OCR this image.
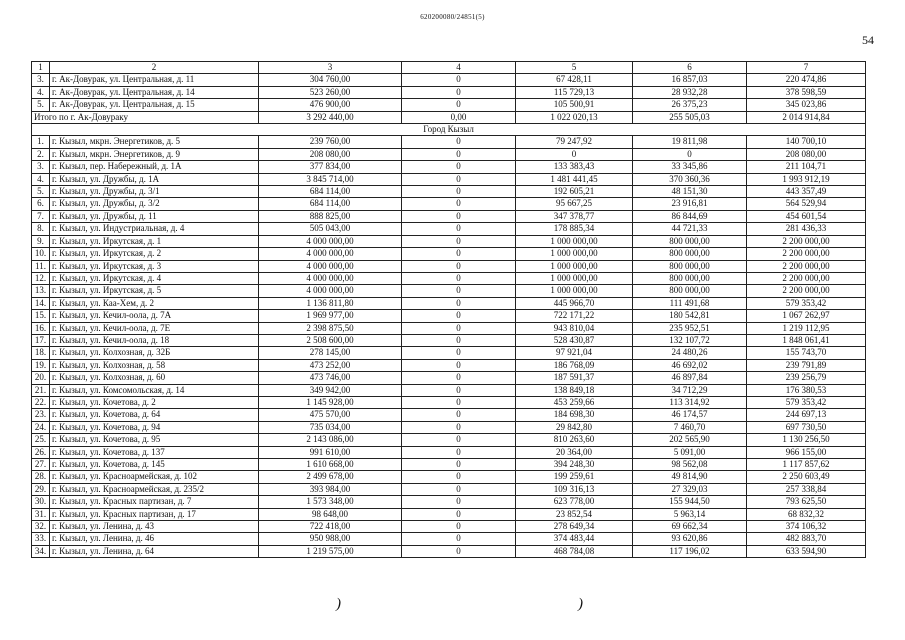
620200080/24851(5)
54
1	2	3	4	5	6	7
3.	г. Ак-Довурак, ул. Центральная, д. 11	304 760,00	0	67 428,11	16 857,03	220 474,86
4.	г. Ак-Довурак, ул. Центральная, д. 14	523 260,00	0	115 729,13	28 932,28	378 598,59
5.	г. Ак-Довурак, ул. Центральная, д. 15	476 900,00	0	105 500,91	26 375,23	345 023,86
Итого по г. Ак-Довураку		3 292 440,00	0,00	1 022 020,13	255 505,03	2 014 914,84
Город Кызыл						
1.	г. Кызыл, мкрн. Энергетиков, д. 5	239 760,00	0	79 247,92	19 811,98	140 700,10
2.	г. Кызыл, мкрн. Энергетиков, д. 9	208 080,00	0	0	0	208 080,00
3.	г. Кызыл, пер. Набережный, д. 1А	377 834,00	0	133 383,43	33 345,86	211 104,71
4.	г. Кызыл, ул. Дружбы, д. 1А	3 845 714,00	0	1 481 441,45	370 360,36	1 993 912,19
5.	г. Кызыл, ул. Дружбы, д. 3/1	684 114,00	0	192 605,21	48 151,30	443 357,49
6.	г. Кызыл, ул. Дружбы, д. 3/2	684 114,00	0	95 667,25	23 916,81	564 529,94
7.	г. Кызыл, ул. Дружбы, д. 11	888 825,00	0	347 378,77	86 844,69	454 601,54
8.	г. Кызыл, ул. Индустриальная, д. 4	505 043,00	0	178 885,34	44 721,33	281 436,33
9.	г. Кызыл, ул. Иркутская, д. 1	4 000 000,00	0	1 000 000,00	800 000,00	2 200 000,00
10.	г. Кызыл, ул. Иркутская, д. 2	4 000 000,00	0	1 000 000,00	800 000,00	2 200 000,00
11.	г. Кызыл, ул. Иркутская, д. 3	4 000 000,00	0	1 000 000,00	800 000,00	2 200 000,00
12.	г. Кызыл, ул. Иркутская, д. 4	4 000 000,00	0	1 000 000,00	800 000,00	2 200 000,00
13.	г. Кызыл, ул. Иркутская, д. 5	4 000 000,00	0	1 000 000,00	800 000,00	2 200 000,00
14.	г. Кызыл, ул. Каа-Хем, д. 2	1 136 811,80	0	445 966,70	111 491,68	579 353,42
15.	г. Кызыл, ул. Кечил-оола, д. 7А	1 969 977,00	0	722 171,22	180 542,81	1 067 262,97
16.	г. Кызыл, ул. Кечил-оола, д. 7Е	2 398 875,50	0	943 810,04	235 952,51	1 219 112,95
17.	г. Кызыл, ул. Кечил-оола, д. 18	2 508 600,00	0	528 430,87	132 107,72	1 848 061,41
18.	г. Кызыл, ул. Колхозная, д. 32Б	278 145,00	0	97 921,04	24 480,26	155 743,70
19.	г. Кызыл, ул. Колхозная, д. 58	473 252,00	0	186 768,09	46 692,02	239 791,89
20.	г. Кызыл, ул. Колхозная, д. 60	473 746,00	0	187 591,37	46 897,84	239 256,79
21.	г. Кызыл, ул. Комсомольская, д. 14	349 942,00	0	138 849,18	34 712,29	176 380,53
22.	г. Кызыл, ул. Кочетова, д. 2	1 145 928,00	0	453 259,66	113 314,92	579 353,42
23.	г. Кызыл, ул. Кочетова, д. 64	475 570,00	0	184 698,30	46 174,57	244 697,13
24.	г. Кызыл, ул. Кочетова, д. 94	735 034,00	0	29 842,80	7 460,70	697 730,50
25.	г. Кызыл, ул. Кочетова, д. 95	2 143 086,00	0	810 263,60	202 565,90	1 130 256,50
26.	г. Кызыл, ул. Кочетова, д. 137	991 610,00	0	20 364,00	5 091,00	966 155,00
27.	г. Кызыл, ул. Кочетова, д. 145	1 610 668,00	0	394 248,30	98 562,08	1 117 857,62
28.	г. Кызыл, ул. Красноармейская, д. 102	2 499 678,00	0	199 259,61	49 814,90	2 250 603,49
29.	г. Кызыл, ул. Красноармейская, д. 235/2	393 984,00	0	109 316,13	27 329,03	257 338,84
30.	г. Кызыл, ул. Красных партизан, д. 7	1 573 348,00	0	623 778,00	155 944,50	793 625,50
31.	г. Кызыл, ул. Красных партизан, д. 17	98 648,00	0	23 852,54	5 963,14	68 832,32
32.	г. Кызыл, ул. Ленина, д. 43	722 418,00	0	278 649,34	69 662,34	374 106,32
33.	г. Кызыл, ул. Ленина, д. 46	950 988,00	0	374 483,44	93 620,86	482 883,70
34.	г. Кызыл, ул. Ленина, д. 64	1 219 575,00	0	468 784,08	117 196,02	633 594,90
)	)
